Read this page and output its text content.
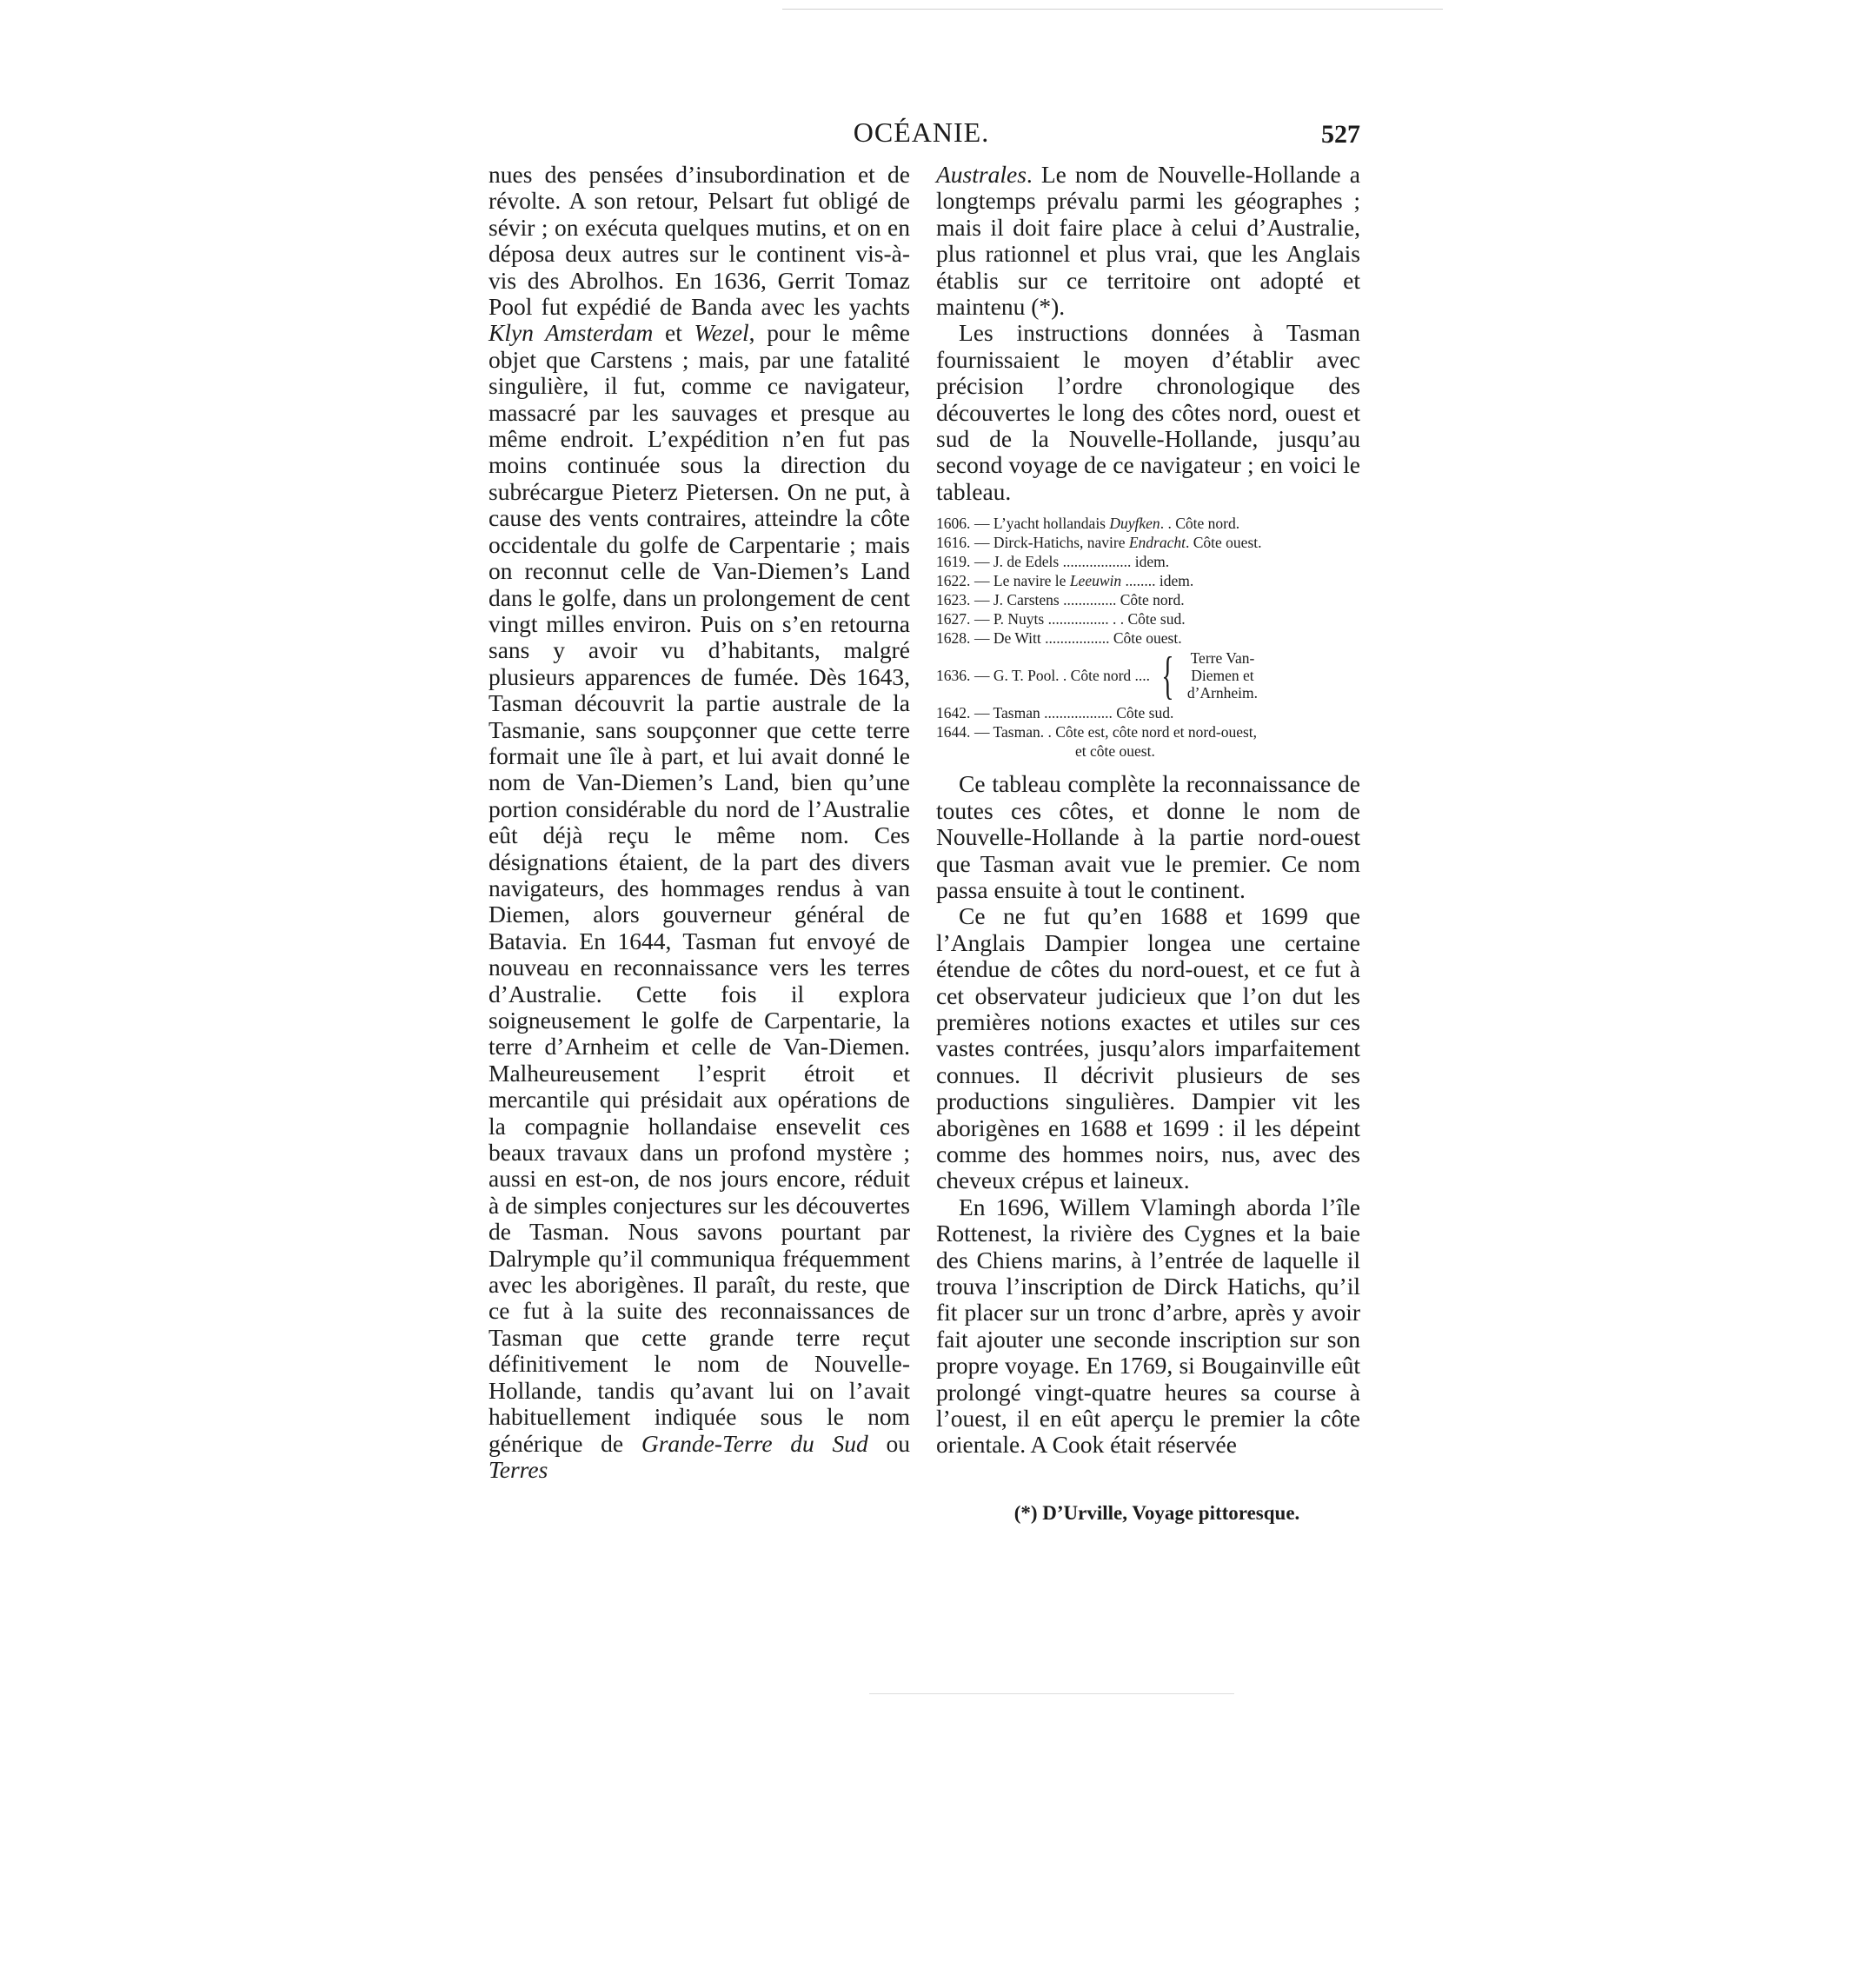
OCÉANIE.	527

nues des pensées d’insubordination et de révolte. A son retour, Pelsart fut obligé de sévir ; on exécuta quelques mutins, et on en déposa deux autres sur le continent vis-à-vis des Abrolhos. En 1636, Gerrit Tomaz Pool fut expédié de Banda avec les yachts Klyn Amsterdam et Wezel, pour le même objet que Carstens ; mais, par une fatalité singulière, il fut, comme ce navigateur, massacré par les sauvages et presque au même endroit. L’expédition n’en fut pas moins continuée sous la direction du subrécargue Pieterz Pietersen. On ne put, à cause des vents contraires, atteindre la côte occidentale du golfe de Carpentarie ; mais on reconnut celle de Van-Diemen’s Land dans le golfe, dans un prolongement de cent vingt milles environ. Puis on s’en retourna sans y avoir vu d’habitants, malgré plusieurs apparences de fumée. Dès 1643, Tasman découvrit la partie australe de la Tasmanie, sans soupçonner que cette terre formait une île à part, et lui avait donné le nom de Van-Diemen’s Land, bien qu’une portion considérable du nord de l’Australie eût déjà reçu le même nom. Ces désignations étaient, de la part des divers navigateurs, des hommages rendus à van Diemen, alors gouverneur général de Batavia. En 1644, Tasman fut envoyé de nouveau en reconnaissance vers les terres d’Australie. Cette fois il explora soigneusement le golfe de Carpentarie, la terre d’Arnheim et celle de Van-Diemen. Malheureusement l’esprit étroit et mercantile qui présidait aux opérations de la compagnie hollandaise ensevelit ces beaux travaux dans un profond mystère ; aussi en est-on, de nos jours encore, réduit à de simples conjectures sur les découvertes de Tasman. Nous savons pourtant par Dalrymple qu’il communiqua fréquemment avec les aborigènes. Il paraît, du reste, que ce fut à la suite des reconnaissances de Tasman que cette grande terre reçut définitivement le nom de Nouvelle-Hollande, tandis qu’avant lui on l’avait habituellement indiquée sous le nom générique de Grande-Terre du Sud ou Terres

Australes. Le nom de Nouvelle-Hollande a longtemps prévalu parmi les géographes ; mais il doit faire place à celui d’Australie, plus rationnel et plus vrai, que les Anglais établis sur ce territoire ont adopté et maintenu (*).

Les instructions données à Tasman fournissaient le moyen d’établir avec précision l’ordre chronologique des découvertes le long des côtes nord, ouest et sud de la Nouvelle-Hollande, jusqu’au second voyage de ce navigateur ; en voici le tableau.

1606. — L’yacht hollandais Duyfken. . Côte nord.
1616. — Dirck-Hatichs, navire Endracht. Côte ouest.
1619. — J. de Edels .................. idem.
1622. — Le navire le Leeuwin ........ idem.
1623. — J. Carstens .............. Côte nord.
1627. — P. Nuyts ................ . . Côte sud.
1628. — De Witt ................. Côte ouest.
1636. — G. T. Pool. . Côte nord .... { Terre Van-
Diemen et
d’Arnheim.
1642. — Tasman .................. Côte sud.
1644. — Tasman. . Côte est, côte nord et nord-ouest,
et côte ouest.

Ce tableau complète la reconnaissance de toutes ces côtes, et donne le nom de Nouvelle-Hollande à la partie nord-ouest que Tasman avait vue le premier. Ce nom passa ensuite à tout le continent.

Ce ne fut qu’en 1688 et 1699 que l’Anglais Dampier longea une certaine étendue de côtes du nord-ouest, et ce fut à cet observateur judicieux que l’on dut les premières notions exactes et utiles sur ces vastes contrées, jusqu’alors imparfaitement connues. Il décrivit plusieurs de ses productions singulières. Dampier vit les aborigènes en 1688 et 1699 : il les dépeint comme des hommes noirs, nus, avec des cheveux crépus et laineux.

En 1696, Willem Vlamingh aborda l’île Rottenest, la rivière des Cygnes et la baie des Chiens marins, à l’entrée de laquelle il trouva l’inscription de Dirck Hatichs, qu’il fit placer sur un tronc d’arbre, après y avoir fait ajouter une seconde inscription sur son propre voyage. En 1769, si Bougainville eût prolongé vingt-quatre heures sa course à l’ouest, il en eût aperçu le premier la côte orientale. A Cook était réservée

(*) D’Urville, Voyage pittoresque.
